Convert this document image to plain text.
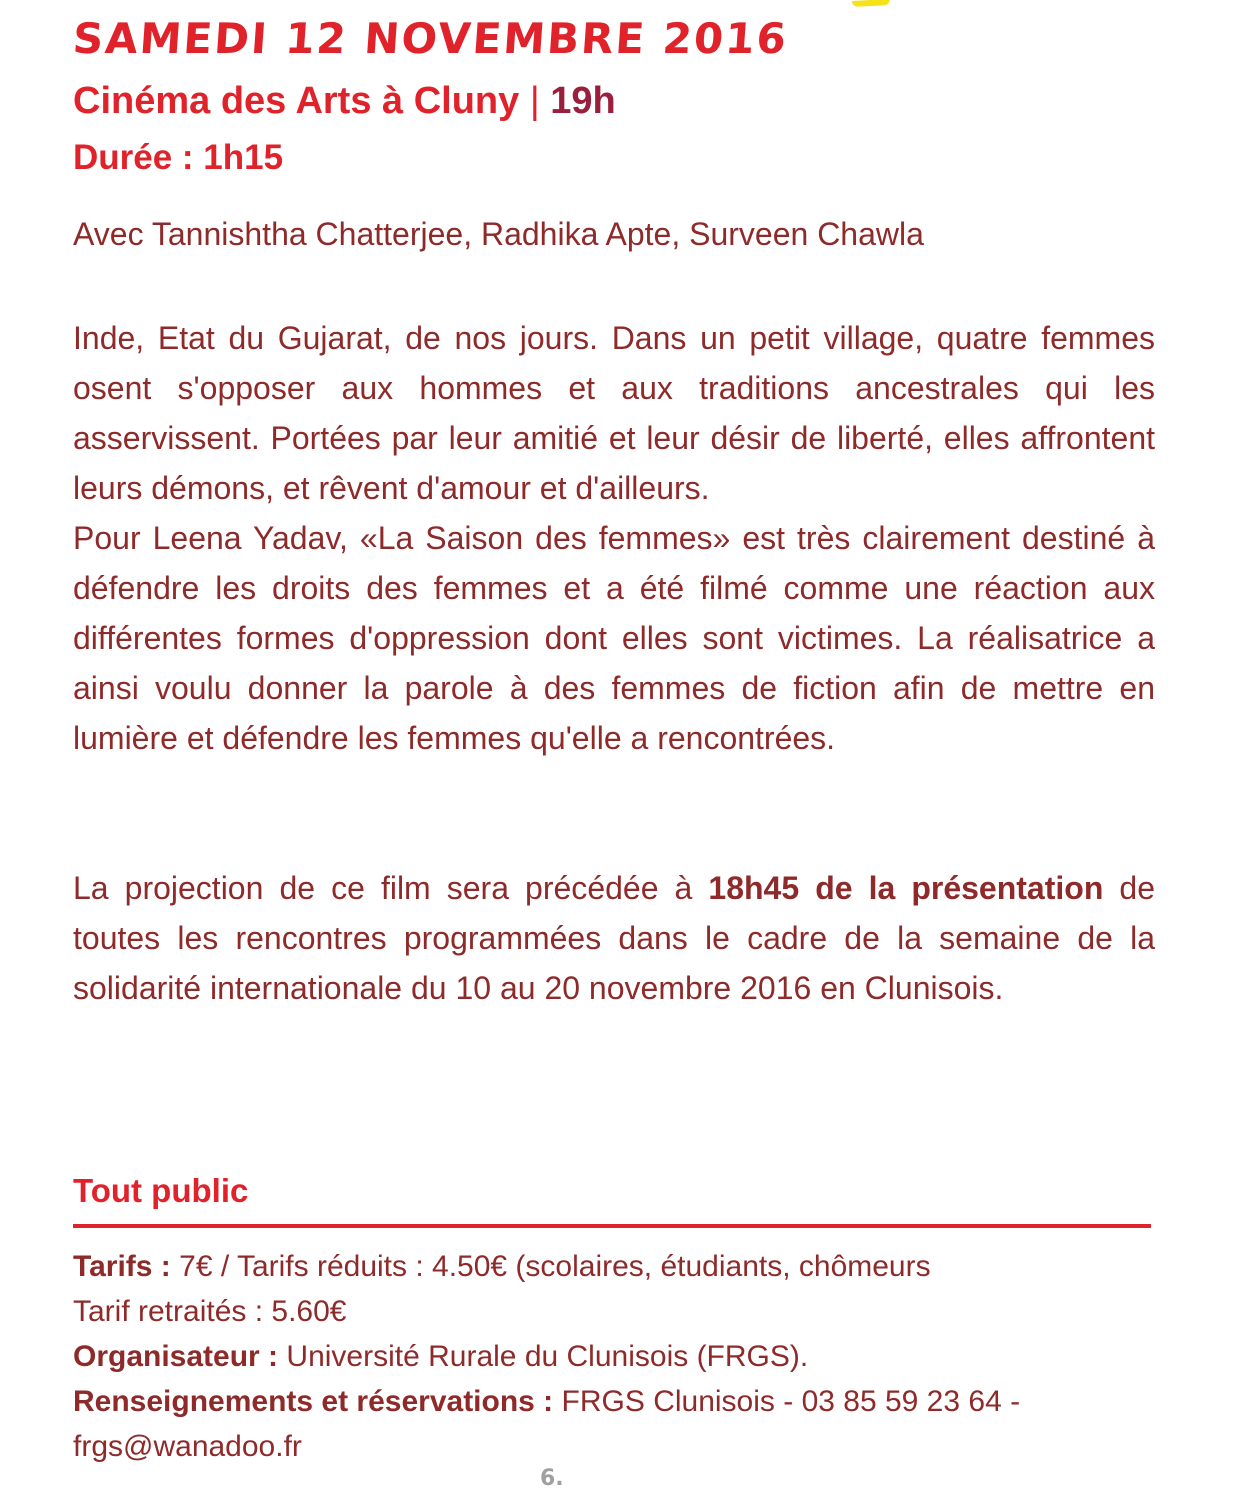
SAMEDI 12 NOVEMBRE 2016
Cinéma des Arts à Cluny | 19h
Durée : 1h15

Avec Tannishtha Chatterjee, Radhika Apte, Surveen Chawla

Inde, Etat du Gujarat, de nos jours. Dans un petit village, quatre femmes osent s'opposer aux hommes et aux traditions ancestrales qui les asservissent. Portées par leur amitié et leur désir de liberté, elles affrontent leurs démons, et rêvent d'amour et d'ailleurs.

Pour Leena Yadav, «La Saison des femmes» est très clairement destiné à défendre les droits des femmes et a été filmé comme une réaction aux différentes formes d'oppression dont elles sont victimes. La réalisatrice a ainsi voulu donner la parole à des femmes de fiction afin de mettre en lumière et défendre les femmes qu'elle a rencontrées.

La projection de ce film sera précédée à 18h45 de la présentation de toutes les rencontres programmées dans le cadre de la semaine de la solidarité internationale du 10 au 20 novembre 2016 en Clunisois.

Tout public
Tarifs : 7€ / Tarifs réduits : 4.50€ (scolaires, étudiants, chômeurs
Tarif retraités : 5.60€
Organisateur : Université Rurale du Clunisois (FRGS).
Renseignements et réservations : FRGS Clunisois - 03 85 59 23 64 -
frgs@wanadoo.fr

6.
